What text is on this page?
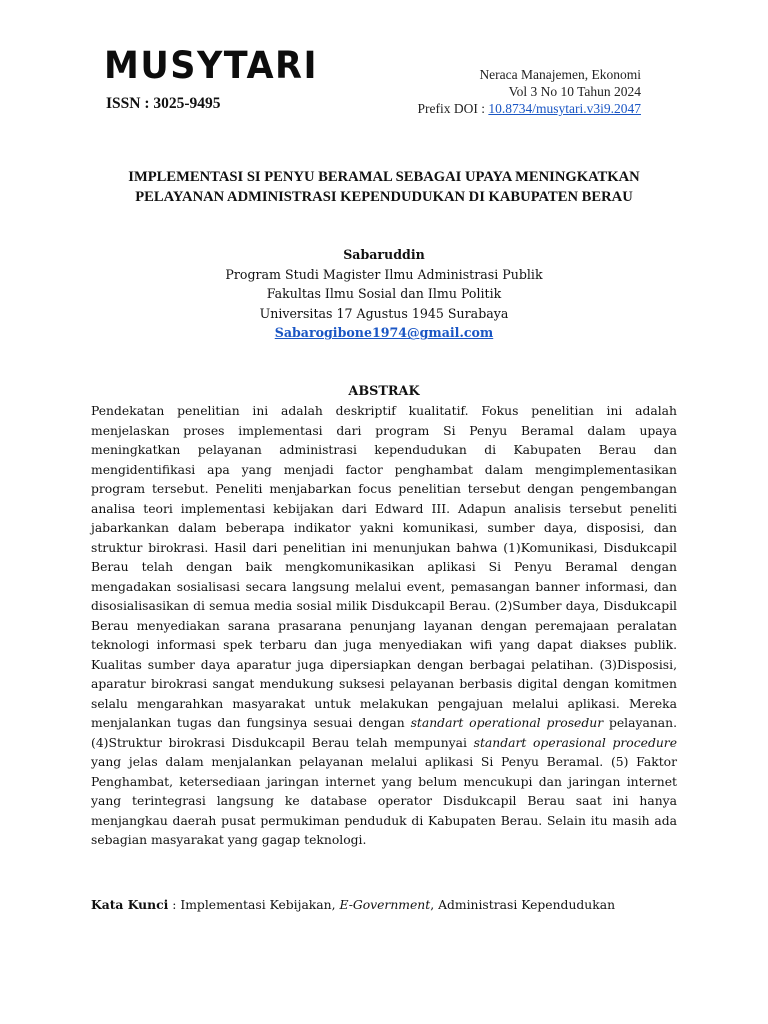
MUSYTARI
ISSN : 3025-9495
Neraca Manajemen, Ekonomi
Vol 3 No 10 Tahun 2024
Prefix DOI : 10.8734/musytari.v3i9.2047
IMPLEMENTASI SI PENYU BERAMAL SEBAGAI UPAYA MENINGKATKAN
PELAYANAN ADMINISTRASI KEPENDUDUKAN DI KABUPATEN BERAU
Sabaruddin
Program Studi Magister Ilmu Administrasi Publik
Fakultas Ilmu Sosial dan Ilmu Politik
Universitas 17 Agustus 1945 Surabaya
Sabarogibone1974@gmail.com
ABSTRAK
Pendekatan penelitian ini adalah deskriptif kualitatif. Fokus penelitian ini adalah menjelaskan proses implementasi dari program Si Penyu Beramal dalam upaya meningkatkan pelayanan administrasi kependudukan di Kabupaten Berau dan mengidentifikasi apa yang menjadi factor penghambat dalam mengimplementasikan program tersebut. Peneliti menjabarkan focus penelitian tersebut dengan pengembangan analisa teori implementasi kebijakan dari Edward III. Adapun analisis tersebut peneliti jabarkankan dalam beberapa indikator yakni komunikasi, sumber daya, disposisi, dan struktur birokrasi. Hasil dari penelitian ini menunjukan bahwa (1)Komunikasi, Disdukcapil Berau telah dengan baik mengkomunikasikan aplikasi Si Penyu Beramal dengan mengadakan sosialisasi secara langsung melalui event, pemasangan banner informasi, dan disosialisasikan di semua media sosial milik Disdukcapil Berau. (2)Sumber daya, Disdukcapil Berau menyediakan sarana prasarana penunjang layanan dengan peremajaan peralatan teknologi informasi spek terbaru dan juga menyediakan wifi yang dapat diakses publik. Kualitas sumber daya aparatur juga dipersiapkan dengan berbagai pelatihan. (3)Disposisi, aparatur birokrasi sangat mendukung suksesi pelayanan berbasis digital dengan komitmen selalu mengarahkan masyarakat untuk melakukan pengajuan melalui aplikasi. Mereka menjalankan tugas dan fungsinya sesuai dengan standart operational prosedur pelayanan. (4)Struktur birokrasi Disdukcapil Berau telah mempunyai standart operasional procedure yang jelas dalam menjalankan pelayanan melalui aplikasi Si Penyu Beramal. (5) Faktor Penghambat, ketersediaan jaringan internet yang belum mencukupi dan jaringan internet yang terintegrasi langsung ke database operator Disdukcapil Berau saat ini hanya menjangkau daerah pusat permukiman penduduk di Kabupaten Berau. Selain itu masih ada sebagian masyarakat yang gagap teknologi.
Kata Kunci : Implementasi Kebijakan, E-Government, Administrasi Kependudukan
